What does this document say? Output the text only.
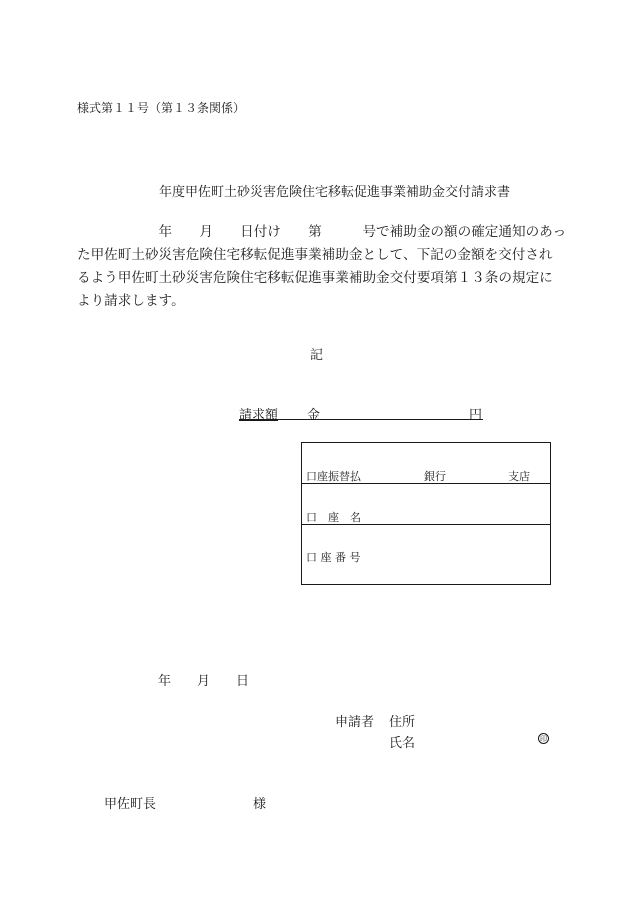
様式第１１号（第１３条関係）
年度甲佐町土砂災害危険住宅移転促進事業補助金交付請求書
　　　　　　年　　月　　日付け　　第　　　号で補助金の額の確定通知のあっ
た甲佐町土砂災害危険住宅移転促進事業補助金として、下記の金額を交付され
るよう甲佐町土砂災害危険住宅移転促進事業補助金交付要項第１３条の規定に
より請求します。
記
請求額 金	円
口座振替払	銀行	支店
口　座　名
口 座 番 号
年　　月　　日
申請者 住所
氏名	印
甲佐町長	様
